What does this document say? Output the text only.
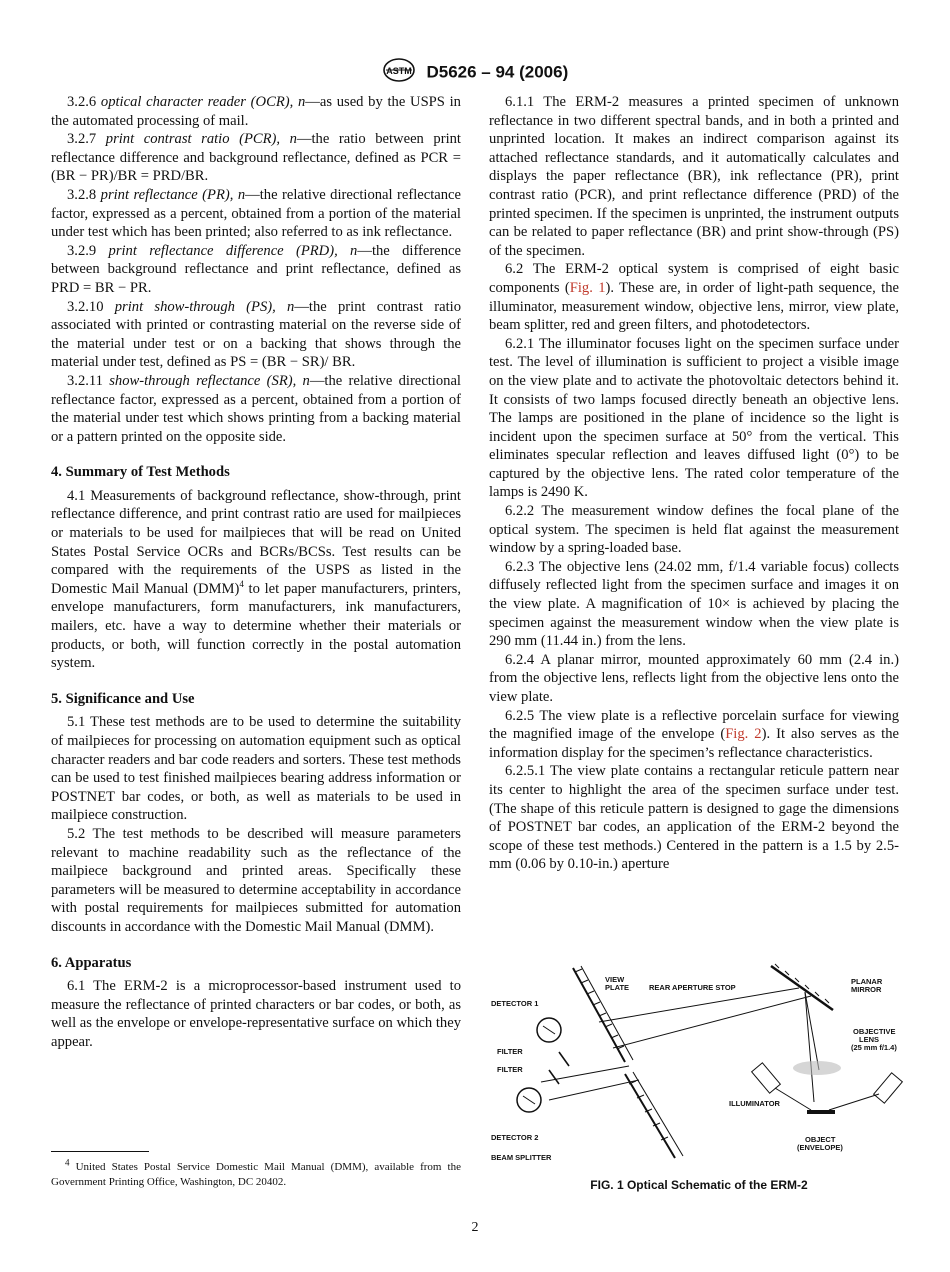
ASTM D5626 – 94 (2006)

3.2.6 optical character reader (OCR), n—as used by the USPS in the automated processing of mail.

3.2.7 print contrast ratio (PCR), n—the ratio between print reflectance difference and background reflectance, defined as PCR = (BR − PR)/BR = PRD/BR.

3.2.8 print reflectance (PR), n—the relative directional reflectance factor, expressed as a percent, obtained from a portion of the material under test which has been printed; also referred to as ink reflectance.

3.2.9 print reflectance difference (PRD), n—the difference between background reflectance and print reflectance, defined as PRD = BR − PR.

3.2.10 print show-through (PS), n—the print contrast ratio associated with printed or contrasting material on the reverse side of the material under test or on a backing that shows through the material under test, defined as PS = (BR − SR)/ BR.

3.2.11 show-through reflectance (SR), n—the relative directional reflectance factor, expressed as a percent, obtained from a portion of the material under test which shows printing from a backing material or a pattern printed on the opposite side.

4. Summary of Test Methods

4.1 Measurements of background reflectance, show-through, print reflectance difference, and print contrast ratio are used for mailpieces or materials to be used for mailpieces that will be read on United States Postal Service OCRs and BCRs/BCSs. Test results can be compared with the requirements of the USPS as listed in the Domestic Mail Manual (DMM)$^4$ to let paper manufacturers, printers, envelope manufacturers, form manufacturers, ink manufacturers, mailers, etc. have a way to determine whether their materials or products, or both, will function correctly in the postal automation system.

5. Significance and Use

5.1 These test methods are to be used to determine the suitability of mailpieces for processing on automation equipment such as optical character readers and bar code readers and sorters. These test methods can be used to test finished mailpieces bearing address information or POSTNET bar codes, or both, as well as materials to be used in mailpiece construction.

5.2 The test methods to be described will measure parameters relevant to machine readability such as the reflectance of the mailpiece background and printed areas. Specifically these parameters will be measured to determine acceptability in accordance with postal requirements for mailpieces submitted for automation discounts in accordance with the Domestic Mail Manual (DMM).

6. Apparatus

6.1 The ERM-2 is a microprocessor-based instrument used to measure the reflectance of printed characters or bar codes, or both, as well as the envelope or envelope-representative surface on which they appear.

$^4$ United States Postal Service Domestic Mail Manual (DMM), available from the Government Printing Office, Washington, DC 20402.

6.1.1 The ERM-2 measures a printed specimen of unknown reflectance in two different spectral bands, and in both a printed and unprinted location. It makes an indirect comparison against its attached reflectance standards, and it automatically calculates and displays the paper reflectance (BR), ink reflectance (PR), print contrast ratio (PCR), and print reflectance difference (PRD) of the printed specimen. If the specimen is unprinted, the instrument outputs can be related to paper reflectance (BR) and print show-through (PS) of the specimen.

6.2 The ERM-2 optical system is comprised of eight basic components (Fig. 1). These are, in order of light-path sequence, the illuminator, measurement window, objective lens, mirror, view plate, beam splitter, red and green filters, and photodetectors.

6.2.1 The illuminator focuses light on the specimen surface under test. The level of illumination is sufficient to project a visible image on the view plate and to activate the photovoltaic detectors behind it. It consists of two lamps focused directly beneath an objective lens. The lamps are positioned in the plane of incidence so the light is incident upon the specimen surface at 50° from the vertical. This eliminates specular reflection and leaves diffused light (0°) to be captured by the objective lens. The rated color temperature of the lamps is 2490 K.

6.2.2 The measurement window defines the focal plane of the optical system. The specimen is held flat against the measurement window by a spring-loaded base.

6.2.3 The objective lens (24.02 mm, f/1.4 variable focus) collects diffusely reflected light from the specimen surface and images it on the view plate. A magnification of 10× is achieved by placing the specimen against the measurement window when the view plate is 290 mm (11.44 in.) from the lens.

6.2.4 A planar mirror, mounted approximately 60 mm (2.4 in.) from the objective lens, reflects light from the objective lens onto the view plate.

6.2.5 The view plate is a reflective porcelain surface for viewing the magnified image of the envelope (Fig. 2). It also serves as the information display for the specimen’s reflectance characteristics.

6.2.5.1 The view plate contains a rectangular reticule pattern near its center to highlight the area of the specimen surface under test. (The shape of this reticule pattern is designed to gage the dimensions of POSTNET bar codes, an application of the ERM-2 beyond the scope of these test methods.) Centered in the pattern is a 1.5 by 2.5-mm (0.06 by 0.10-in.) aperture

VIEW
PLATE	REAR APERTURE STOP
PLANAR
MIRROR
DETECTOR 1
OBJECTIVE
LENS
(25 mm f/1.4)
FILTER
FILTER
ILLUMINATOR
DETECTOR 2	OBJECT
(ENVELOPE)
BEAM SPLITTER
FIG. 1 Optical Schematic of the ERM-2
2
